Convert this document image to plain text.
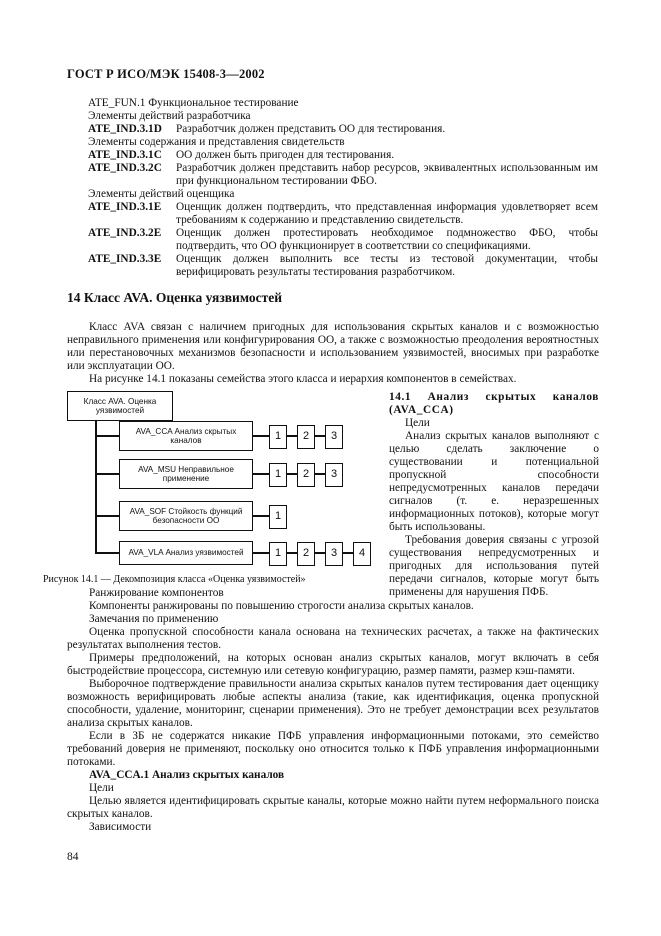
ГОСТ Р ИСО/МЭК 15408-3—2002
ATE_FUN.1 Функциональное тестирование
Элементы действий разработчика
ATE_IND.3.1D	Разработчик должен представить ОО для тестирования.
Элементы содержания и представления свидетельств
ATE_IND.3.1C	ОО должен быть пригоден для тестирования.
ATE_IND.3.2C	Разработчик должен представить набор ресурсов, эквивалентных использованным им при функциональном тестировании ФБО.
Элементы действий оценщика
ATE_IND.3.1E	Оценщик должен подтвердить, что представленная информация удовлетворяет всем требованиям к содержанию и представлению свидетельств.
ATE_IND.3.2E	Оценщик должен протестировать необходимое подмножество ФБО, чтобы подтвердить, что ОО функционирует в соответствии со спецификациями.
ATE_IND.3.3E	Оценщик должен выполнить все тесты из тестовой документации, чтобы верифицировать результаты тестирования разработчиком.
14 Класс AVA. Оценка уязвимостей
Класс AVA связан с наличием пригодных для использования скрытых каналов и с возможностью неправильного применения или конфигурирования ОО, а также с возможностью преодоления вероятностных или перестановочных механизмов безопасности и использованием уязвимостей, вносимых при разработке или эксплуатации ОО.
На рисунке 14.1 показаны семейства этого класса и иерархия компонентов в семействах.
Класс AVA. Оценка уязвимостей
AVA_CCA Анализ скрытых каналов	1 2 3
AVA_MSU Неправильное применение	1 2 3
AVA_SOF Стойкость функций безопасности ОО	1
AVA_VLA Анализ уязвимостей	1 2 3 4
Рисунок 14.1 — Декомпозиция класса «Оценка уязвимостей»
14.1 Анализ скрытых каналов (AVA_CCA)
Цели
Анализ скрытых каналов выполняют с целью сделать заключение о существовании и потенциальной пропускной способности непредусмотренных каналов передачи сигналов (т. е. неразрешенных информационных потоков), которые могут быть использованы.
Требования доверия связаны с угрозой существования непредусмотренных и пригодных для использования путей передачи сигналов, которые могут быть применены для нарушения ПФБ.
Ранжирование компонентов
Компоненты ранжированы по повышению строгости анализа скрытых каналов.
Замечания по применению
Оценка пропускной способности канала основана на технических расчетах, а также на фактических результатах выполнения тестов.
Примеры предположений, на которых основан анализ скрытых каналов, могут включать в себя быстродействие процессора, системную или сетевую конфигурацию, размер памяти, размер кэш-памяти.
Выборочное подтверждение правильности анализа скрытых каналов путем тестирования дает оценщику возможность верифицировать любые аспекты анализа (такие, как идентификация, оценка пропускной способности, удаление, мониторинг, сценарии применения). Это не требует демонстрации всех результатов анализа скрытых каналов.
Если в ЗБ не содержатся никакие ПФБ управления информационными потоками, это семейство требований доверия не применяют, поскольку оно относится только к ПФБ управления информационными потоками.
AVA_CCA.1 Анализ скрытых каналов
Цели
Целью является идентифицировать скрытые каналы, которые можно найти путем неформального поиска скрытых каналов.
Зависимости
84
